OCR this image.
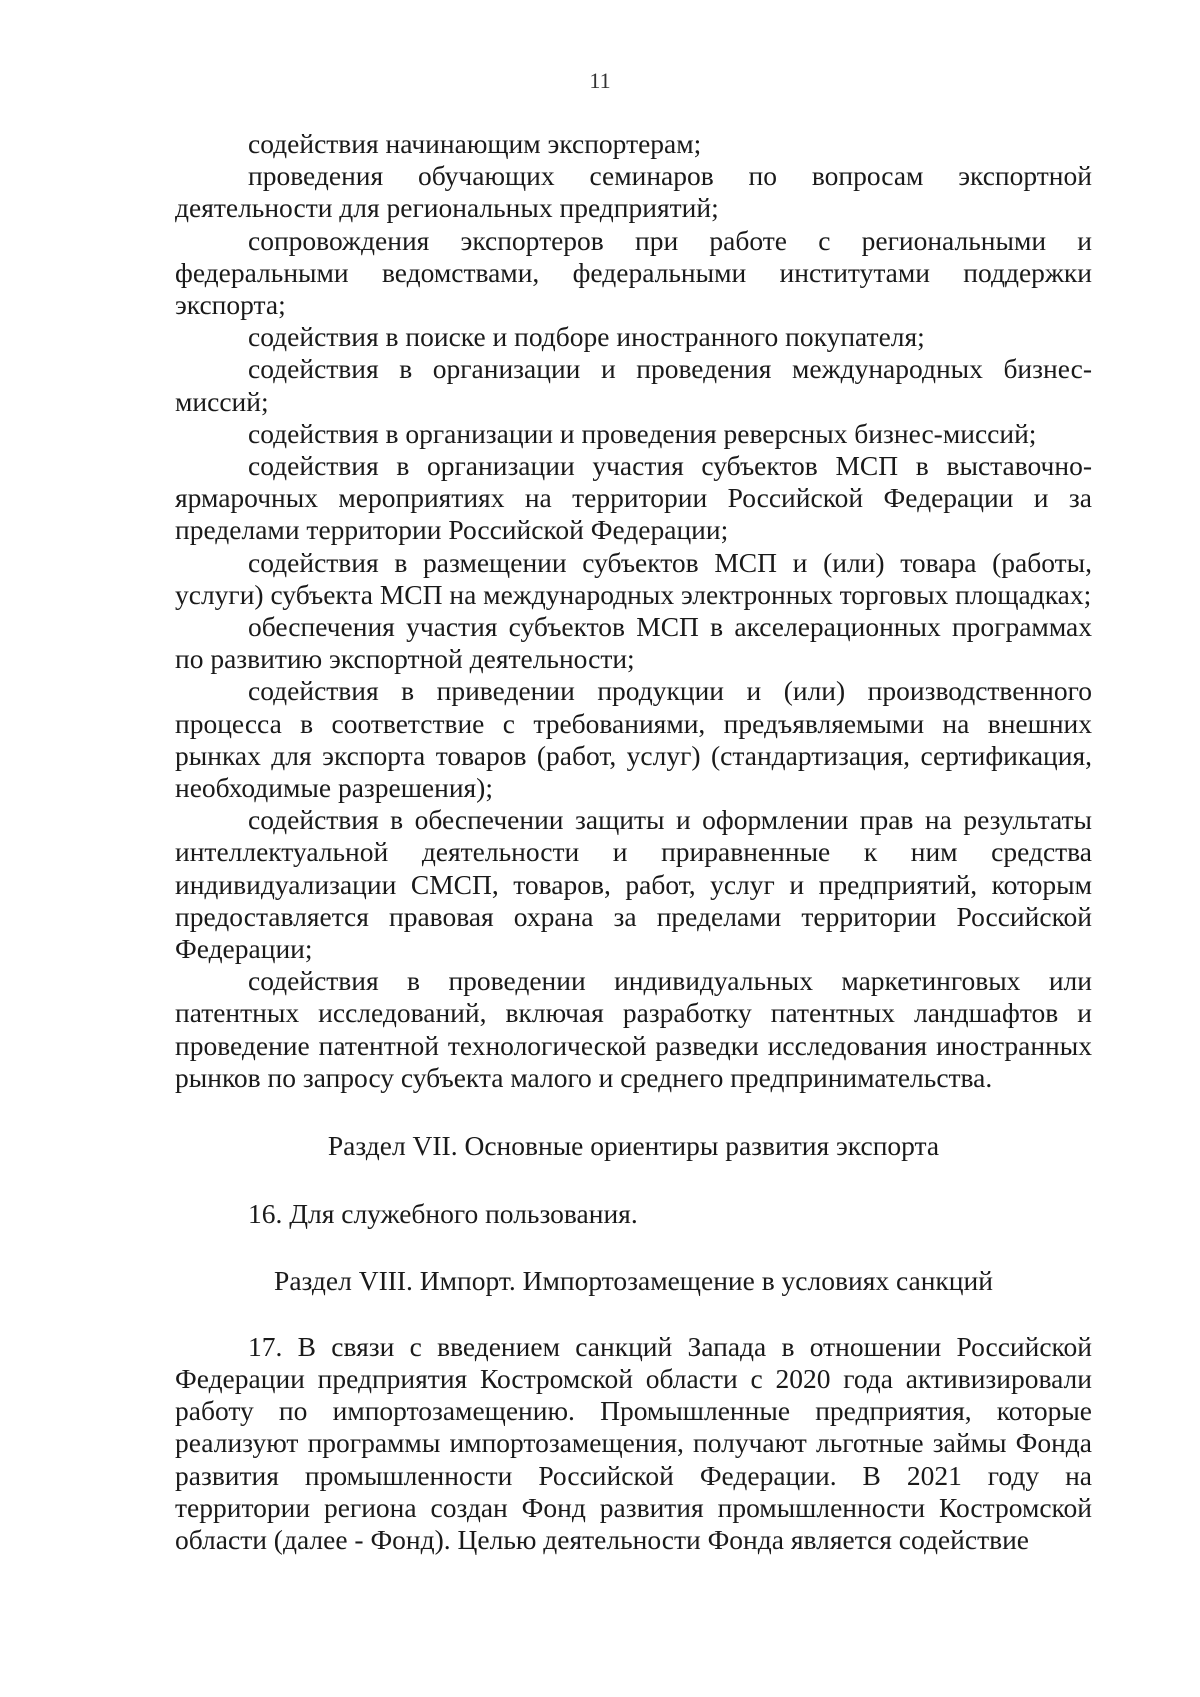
11

содействия начинающим экспортерам;

проведения обучающих семинаров по вопросам экспортной деятельности для региональных предприятий;

сопровождения экспортеров при работе с региональными и федеральными ведомствами, федеральными институтами поддержки экспорта;

содействия в поиске и подборе иностранного покупателя;

содействия в организации и проведения международных бизнес-миссий;

содействия в организации и проведения реверсных бизнес-миссий;

содействия в организации участия субъектов МСП в выставочно-ярмарочных мероприятиях на территории Российской Федерации и за пределами территории Российской Федерации;

содействия в размещении субъектов МСП и (или) товара (работы, услуги) субъекта МСП на международных электронных торговых площадках;

обеспечения участия субъектов МСП в акселерационных программах по развитию экспортной деятельности;

содействия в приведении продукции и (или) производственного процесса в соответствие с требованиями, предъявляемыми на внешних рынках для экспорта товаров (работ, услуг) (стандартизация, сертификация, необходимые разрешения);

содействия в обеспечении защиты и оформлении прав на результаты интеллектуальной деятельности и приравненные к ним средства индивидуализации СМСП, товаров, работ, услуг и предприятий, которым предоставляется правовая охрана за пределами территории Российской Федерации;

содействия в проведении индивидуальных маркетинговых или патентных исследований, включая разработку патентных ландшафтов и проведение патентной технологической разведки исследования иностранных рынков по запросу субъекта малого и среднего предпринимательства.

Раздел VII. Основные ориентиры развития экспорта

16. Для служебного пользования.

Раздел VIII. Импорт. Импортозамещение в условиях санкций

17. В связи с введением санкций Запада в отношении Российской Федерации предприятия Костромской области с 2020 года активизировали работу по импортозамещению. Промышленные предприятия, которые реализуют программы импортозамещения, получают льготные займы Фонда развития промышленности Российской Федерации. В 2021 году на территории региона создан Фонд развития промышленности Костромской области (далее - Фонд). Целью деятельности Фонда является содействие
